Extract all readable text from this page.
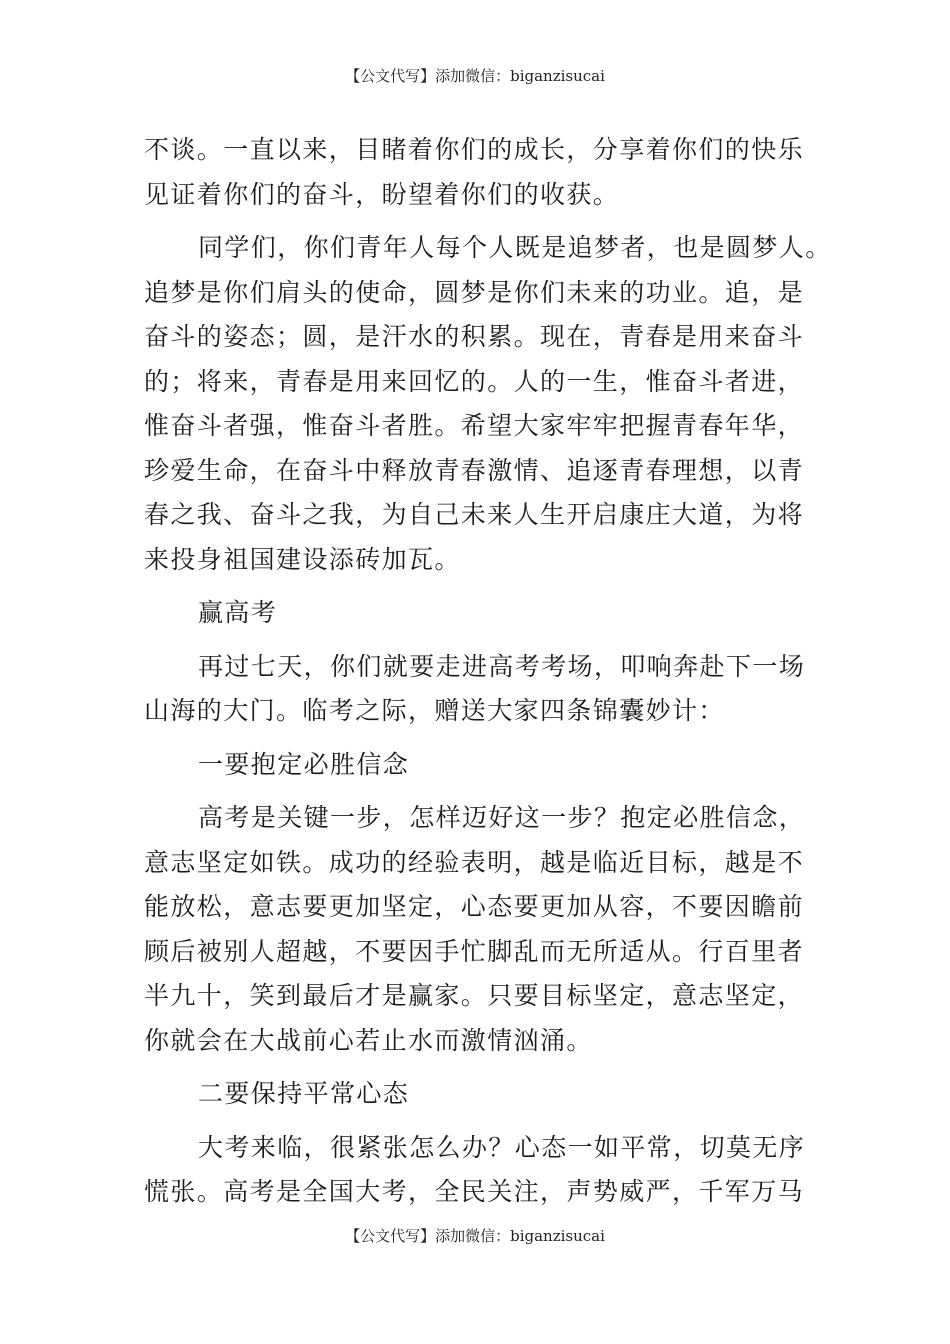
【公文代写】添加微信：biganzisucai
不谈。一直以来，目睹着你们的成长，分享着你们的快乐
见证着你们的奋斗，盼望着你们的收获。
同学们，你们青年人每个人既是追梦者，也是圆梦人。
追梦是你们肩头的使命，圆梦是你们未来的功业。追，是
奋斗的姿态；圆，是汗水的积累。现在，青春是用来奋斗
的；将来，青春是用来回忆的。人的一生，惟奋斗者进，
惟奋斗者强，惟奋斗者胜。希望大家牢牢把握青春年华，
珍爱生命，在奋斗中释放青春激情、追逐青春理想，以青
春之我、奋斗之我，为自己未来人生开启康庄大道，为将
来投身祖国建设添砖加瓦。
赢高考
再过七天，你们就要走进高考考场，叩响奔赴下一场
山海的大门。临考之际，赠送大家四条锦囊妙计：
一要抱定必胜信念
高考是关键一步，怎样迈好这一步？抱定必胜信念，
意志坚定如铁。成功的经验表明，越是临近目标，越是不
能放松，意志要更加坚定，心态要更加从容，不要因瞻前
顾后被别人超越，不要因手忙脚乱而无所适从。行百里者
半九十，笑到最后才是赢家。只要目标坚定，意志坚定，
你就会在大战前心若止水而激情汹涌。
二要保持平常心态
大考来临，很紧张怎么办？心态一如平常，切莫无序
慌张。高考是全国大考，全民关注，声势威严，千军万马
【公文代写】添加微信：biganzisucai
